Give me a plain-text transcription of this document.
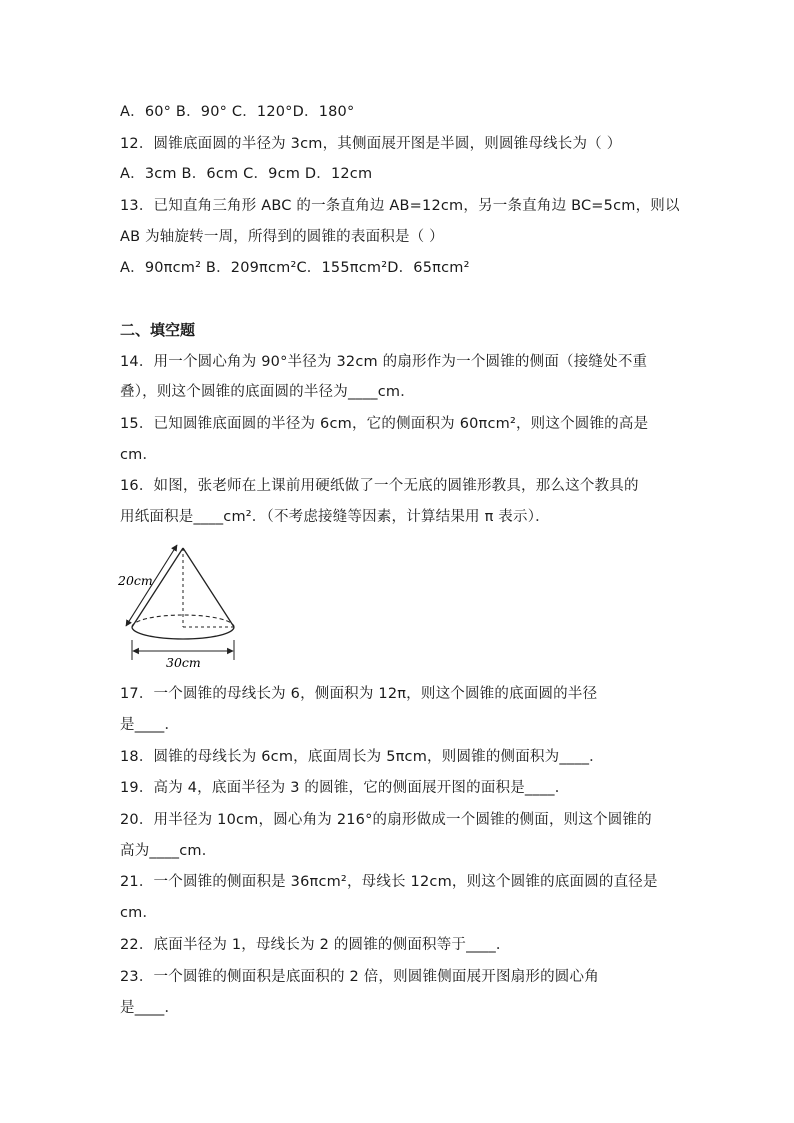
A．60° B．90° C．120°D．180°
12．圆锥底面圆的半径为 3cm，其侧面展开图是半圆，则圆锥母线长为（ ）
A．3cm B．6cm C．9cm D．12cm
13．已知直角三角形 ABC 的一条直角边 AB=12cm，另一条直角边 BC=5cm，则以
AB 为轴旋转一周，所得到的圆锥的表面积是（ ）
A．90πcm² B．209πcm²C．155πcm²D．65πcm²
二、填空题
14．用一个圆心角为 90°半径为 32cm 的扇形作为一个圆锥的侧面（接缝处不重
叠），则这个圆锥的底面圆的半径为____cm．
15．已知圆锥底面圆的半径为 6cm，它的侧面积为 60πcm²，则这个圆锥的高是
cm．
16．如图，张老师在上课前用硬纸做了一个无底的圆锥形教具，那么这个教具的
用纸面积是____cm²．（不考虑接缝等因素，计算结果用 π 表示）．
20cm
30cm
17．一个圆锥的母线长为 6，侧面积为 12π，则这个圆锥的底面圆的半径
是____．
18．圆锥的母线长为 6cm，底面周长为 5πcm，则圆锥的侧面积为____．
19．高为 4，底面半径为 3 的圆锥，它的侧面展开图的面积是____．
20．用半径为 10cm，圆心角为 216°的扇形做成一个圆锥的侧面，则这个圆锥的
高为____cm．
21．一个圆锥的侧面积是 36πcm²，母线长 12cm，则这个圆锥的底面圆的直径是
cm．
22．底面半径为 1，母线长为 2 的圆锥的侧面积等于____．
23．一个圆锥的侧面积是底面积的 2 倍，则圆锥侧面展开图扇形的圆心角
是____．
